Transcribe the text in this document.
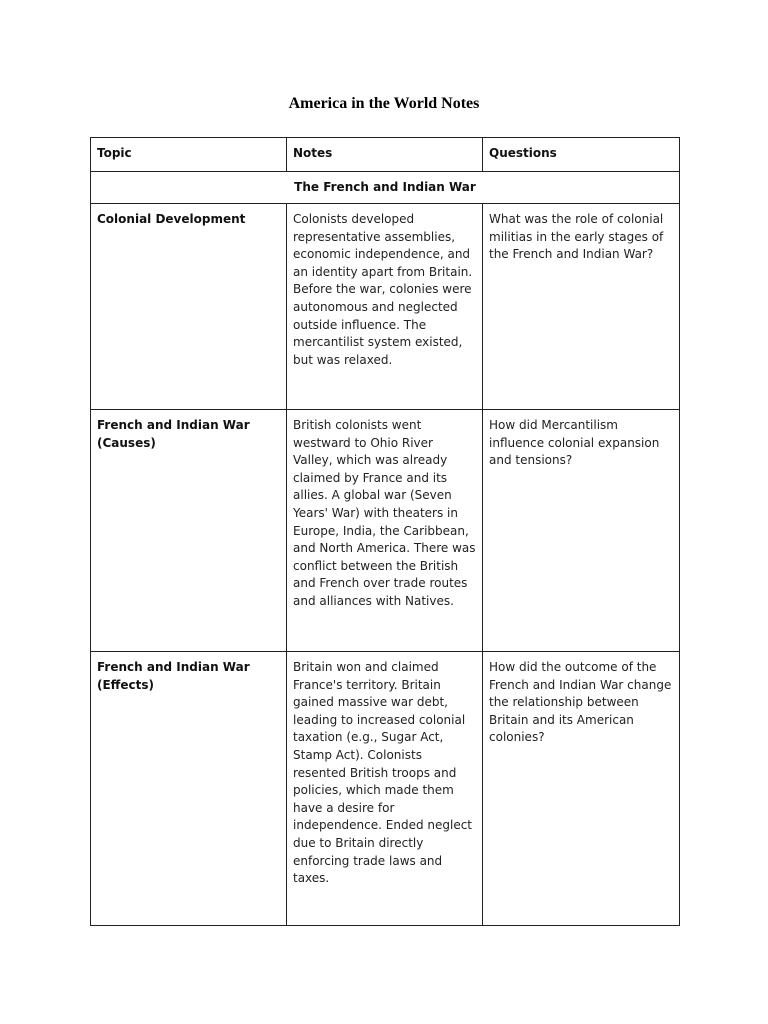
America in the World Notes
Topic	Notes	Questions
The French and Indian War		
Colonial Development	Colonists developed representative assemblies, economic independence, and an identity apart from Britain. Before the war, colonies were autonomous and neglected outside influence. The mercantilist system existed, but was relaxed.	What was the role of colonial militias in the early stages of the French and Indian War?
French and Indian War (Causes)	British colonists went westward to Ohio River Valley, which was already claimed by France and its allies. A global war (Seven Years' War) with theaters in Europe, India, the Caribbean, and North America. There was conflict between the British and French over trade routes and alliances with Natives.	How did Mercantilism influence colonial expansion and tensions?
French and Indian War (Effects)	Britain won and claimed France's territory. Britain gained massive war debt, leading to increased colonial taxation (e.g., Sugar Act, Stamp Act). Colonists resented British troops and policies, which made them have a desire for independence. Ended neglect due to Britain directly enforcing trade laws and taxes.	How did the outcome of the French and Indian War change the relationship between Britain and its American colonies?
